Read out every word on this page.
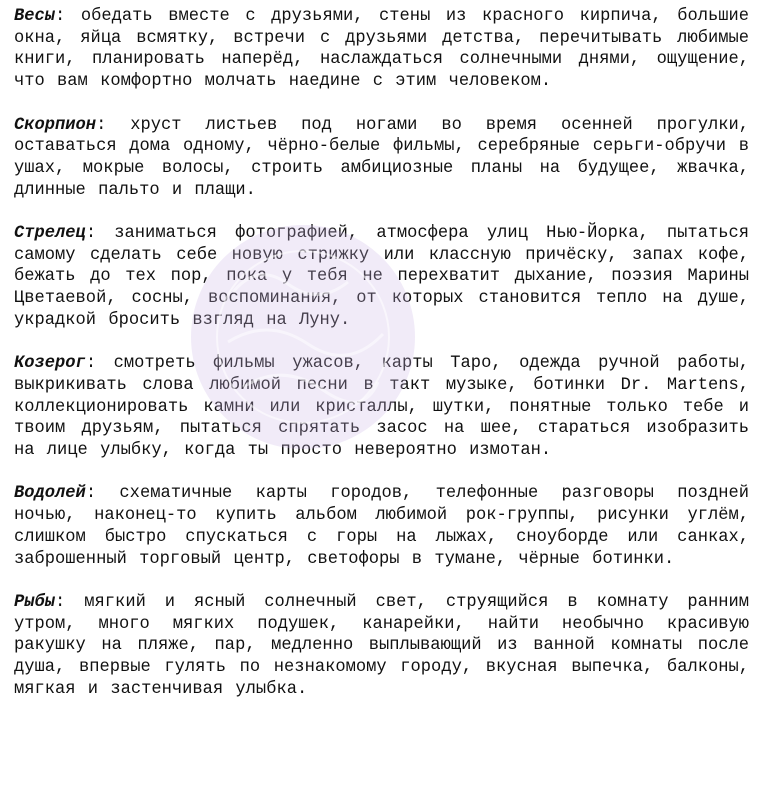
Весы: обедать вместе с друзьями, стены из красного кирпича, большие окна, яйца всмятку, встречи с друзьями детства, перечитывать любимые книги, планировать наперёд, наслаждаться солнечными днями, ощущение, что вам комфортно молчать наедине с этим человеком.

Скорпион: хруст листьев под ногами во время осенней прогулки, оставаться дома одному, чёрно-белые фильмы, серебряные серьги-обручи в ушах, мокрые волосы, строить амбициозные планы на будущее, жвачка, длинные пальто и плащи.

Стрелец: заниматься фотографией, атмосфера улиц Нью-Йорка, пытаться самому сделать себе новую стрижку или классную причёску, запах кофе, бежать до тех пор, пока у тебя не перехватит дыхание, поэзия Марины Цветаевой, сосны, воспоминания, от которых становится тепло на душе, украдкой бросить взгляд на Луну.

Козерог: смотреть фильмы ужасов, карты Таро, одежда ручной работы, выкрикивать слова любимой песни в такт музыке, ботинки Dr. Martens, коллекционировать камни или кристаллы, шутки, понятные только тебе и твоим друзьям, пытаться спрятать засос на шее, стараться изобразить на лице улыбку, когда ты просто невероятно измотан.

Водолей: схематичные карты городов, телефонные разговоры поздней ночью, наконец-то купить альбом любимой рок-группы, рисунки углём, слишком быстро спускаться с горы на лыжах, сноуборде или санках, заброшенный торговый центр, светофоры в тумане, чёрные ботинки.

Рыбы: мягкий и ясный солнечный свет, струящийся в комнату ранним утром, много мягких подушек, канарейки, найти необычно красивую ракушку на пляже, пар, медленно выплывающий из ванной комнаты после душа, впервые гулять по незнакомому городу, вкусная выпечка, балконы, мягкая и застенчивая улыбка.
